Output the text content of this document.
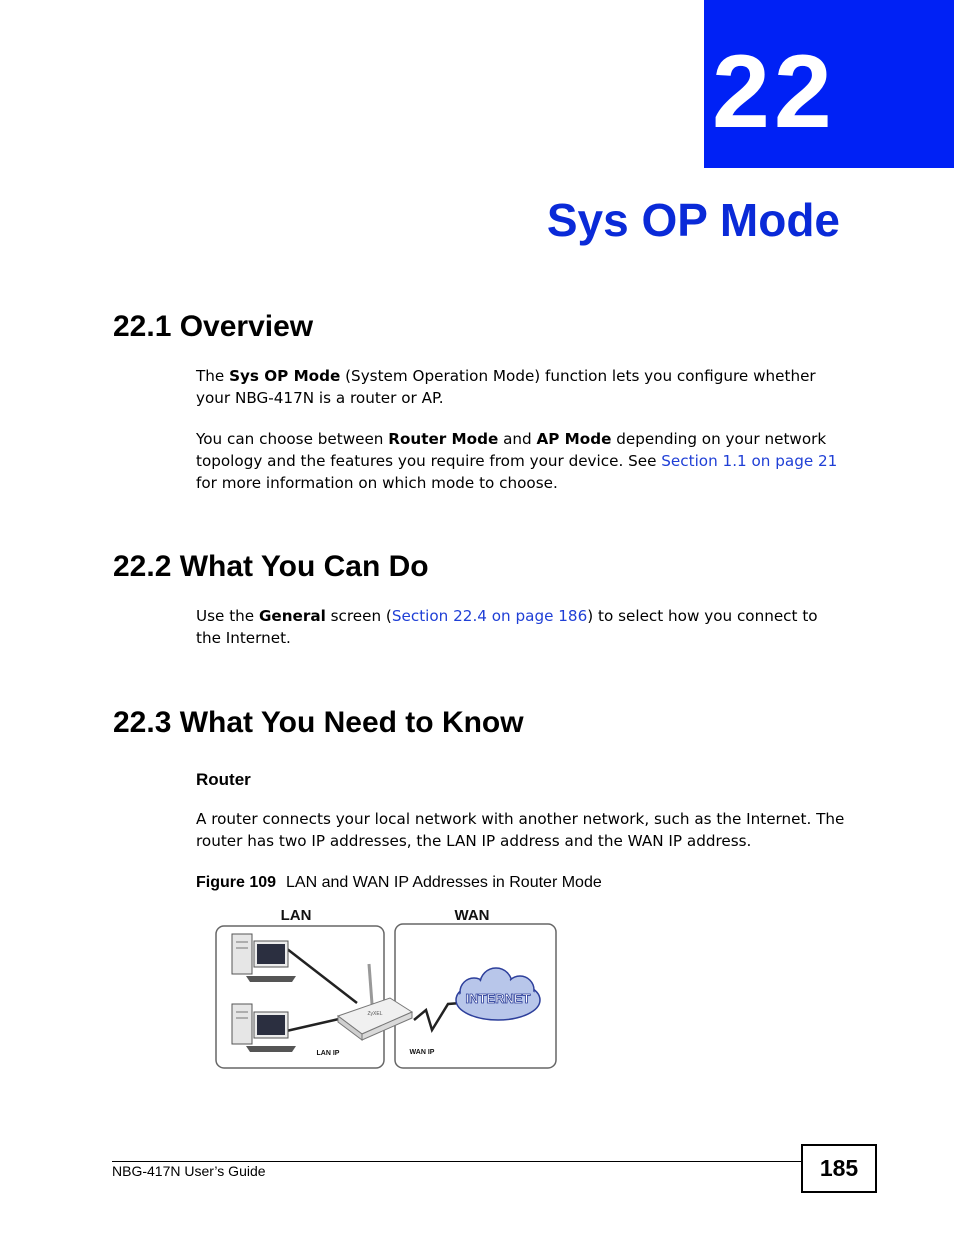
22
Sys OP Mode
22.1 Overview

The Sys OP Mode (System Operation Mode) function lets you configure whether your NBG-417N is a router or AP.

You can choose between Router Mode and AP Mode depending on your network topology and the features you require from your device. See Section 1.1 on page 21 for more information on which mode to choose.

22.2 What You Can Do

Use the General screen (Section 22.4 on page 186) to select how you connect to the Internet.

22.3 What You Need to Know
Router

A router connects your local network with another network, such as the Internet. The router has two IP addresses, the LAN IP address and the WAN IP address.

Figure 109 LAN and WAN IP Addresses in Router Mode
LAN	WAN
ZyXEL
INTERNET
LAN IP	WAN IP
NBG-417N User’s Guide	185
